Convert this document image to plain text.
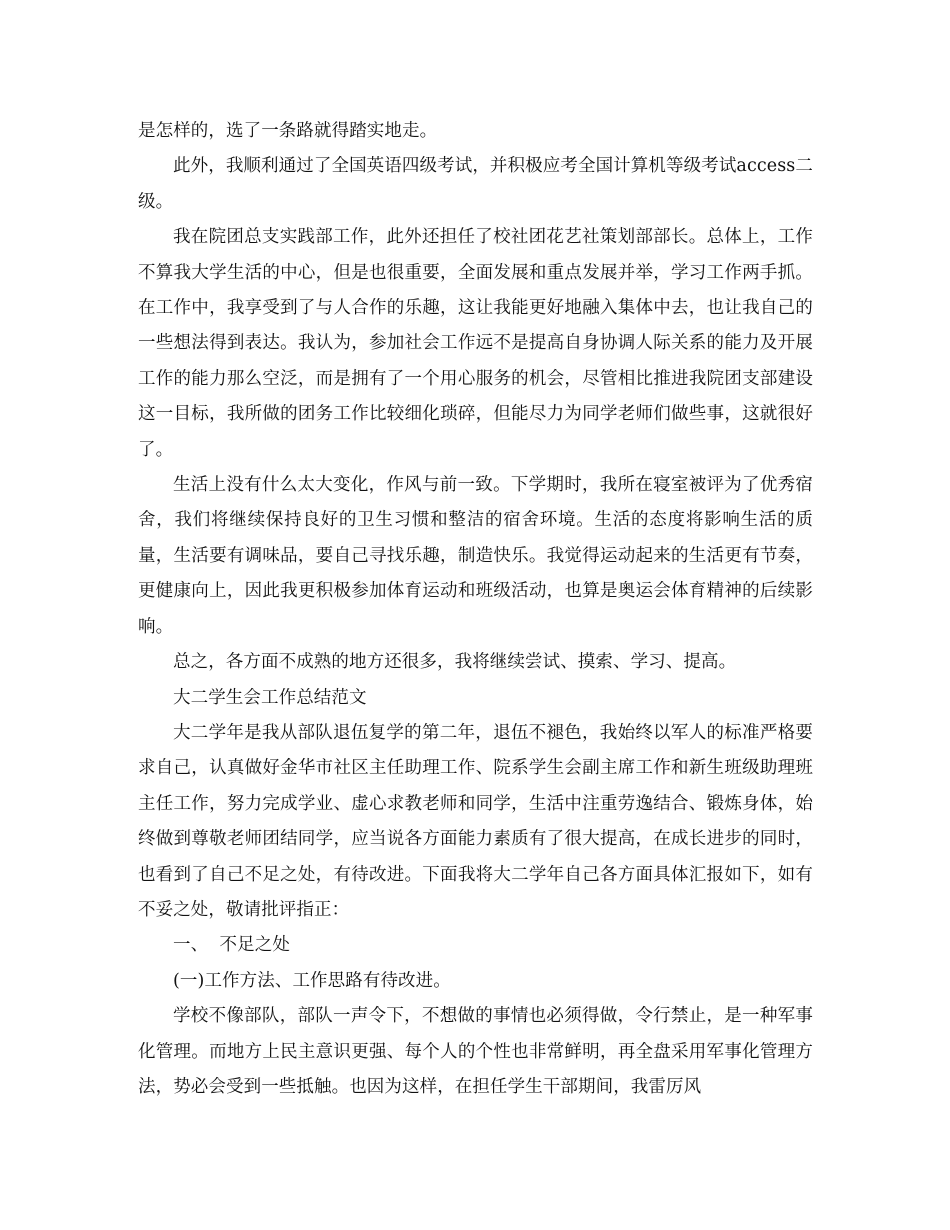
是怎样的，选了一条路就得踏实地走。

此外，我顺利通过了全国英语四级考试，并积极应考全国计算机等级考试access二级。

我在院团总支实践部工作，此外还担任了校社团花艺社策划部部长。总体上，工作不算我大学生活的中心，但是也很重要，全面发展和重点发展并举，学习工作两手抓。在工作中，我享受到了与人合作的乐趣，这让我能更好地融入集体中去，也让我自己的一些想法得到表达。我认为，参加社会工作远不是提高自身协调人际关系的能力及开展工作的能力那么空泛，而是拥有了一个用心服务的机会，尽管相比推进我院团支部建设这一目标，我所做的团务工作比较细化琐碎，但能尽力为同学老师们做些事，这就很好了。

生活上没有什么太大变化，作风与前一致。下学期时，我所在寝室被评为了优秀宿舍，我们将继续保持良好的卫生习惯和整洁的宿舍环境。生活的态度将影响生活的质量，生活要有调味品，要自己寻找乐趣，制造快乐。我觉得运动起来的生活更有节奏，更健康向上，因此我更积极参加体育运动和班级活动，也算是奥运会体育精神的后续影响。

总之，各方面不成熟的地方还很多，我将继续尝试、摸索、学习、提高。

大二学生会工作总结范文

大二学年是我从部队退伍复学的第二年，退伍不褪色，我始终以军人的标准严格要求自己，认真做好金华市社区主任助理工作、院系学生会副主席工作和新生班级助理班主任工作，努力完成学业、虚心求教老师和同学，生活中注重劳逸结合、锻炼身体，始终做到尊敬老师团结同学，应当说各方面能力素质有了很大提高，在成长进步的同时，也看到了自己不足之处，有待改进。下面我将大二学年自己各方面具体汇报如下，如有不妥之处，敬请批评指正：

一、  不足之处

(一)工作方法、工作思路有待改进。

学校不像部队，部队一声令下，不想做的事情也必须得做，令行禁止，是一种军事化管理。而地方上民主意识更强、每个人的个性也非常鲜明，再全盘采用军事化管理方法，势必会受到一些抵触。也因为这样，在担任学生干部期间，我雷厉风
